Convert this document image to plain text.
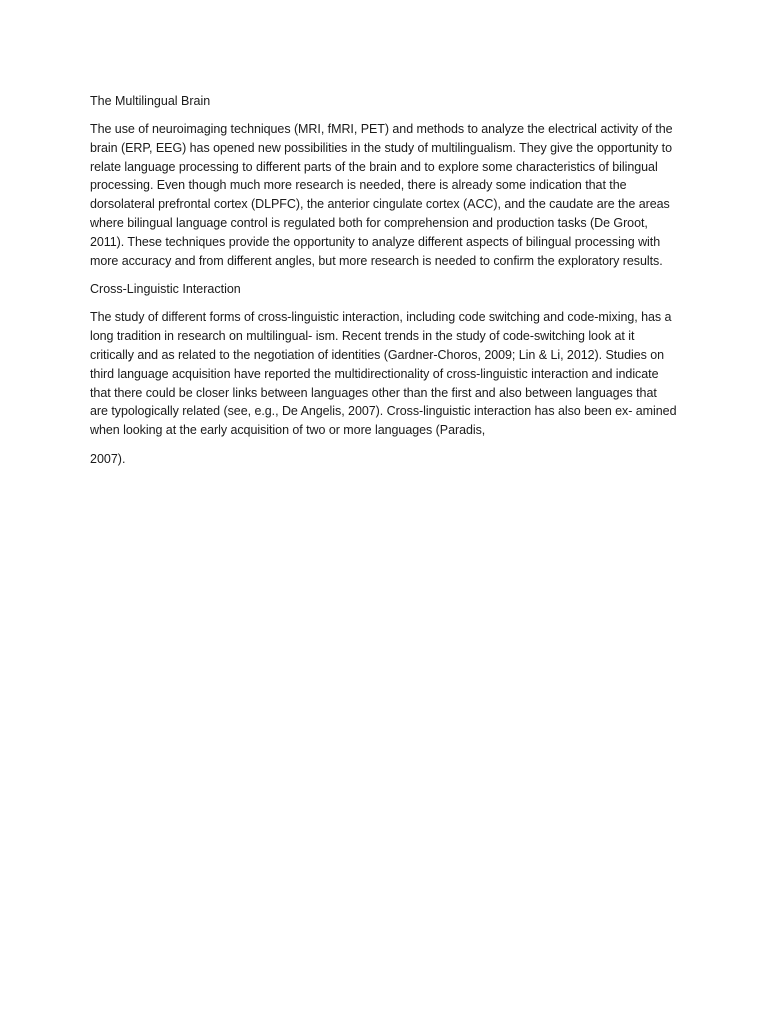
The Multilingual Brain

The use of neuroimaging techniques (MRI, fMRI, PET) and methods to analyze the electrical activity of the brain (ERP, EEG) has opened new possibilities in the study of multilingualism. They give the opportunity to relate language processing to different parts of the brain and to explore some characteristics of bilingual processing. Even though much more research is needed, there is already some indication that the dorsolateral prefrontal cortex (DLPFC), the anterior cingulate cortex (ACC), and the caudate are the areas where bilingual language control is regulated both for comprehension and production tasks (De Groot, 2011). These techniques provide the opportunity to analyze different aspects of bilingual processing with more accuracy and from different angles, but more research is needed to confirm the exploratory results.

Cross-Linguistic Interaction

The study of different forms of cross-linguistic interaction, including code switching and code-mixing, has a long tradition in research on multilingual- ism. Recent trends in the study of code-switching look at it critically and as related to the negotiation of identities (Gardner-Choros, 2009; Lin & Li, 2012). Studies on third language acquisition have reported the multidirectionality of cross-linguistic interaction and indicate that there could be closer links between languages other than the first and also between languages that are typologically related (see, e.g., De Angelis, 2007). Cross-linguistic interaction has also been ex- amined when looking at the early acquisition of two or more languages (Paradis,

2007).
